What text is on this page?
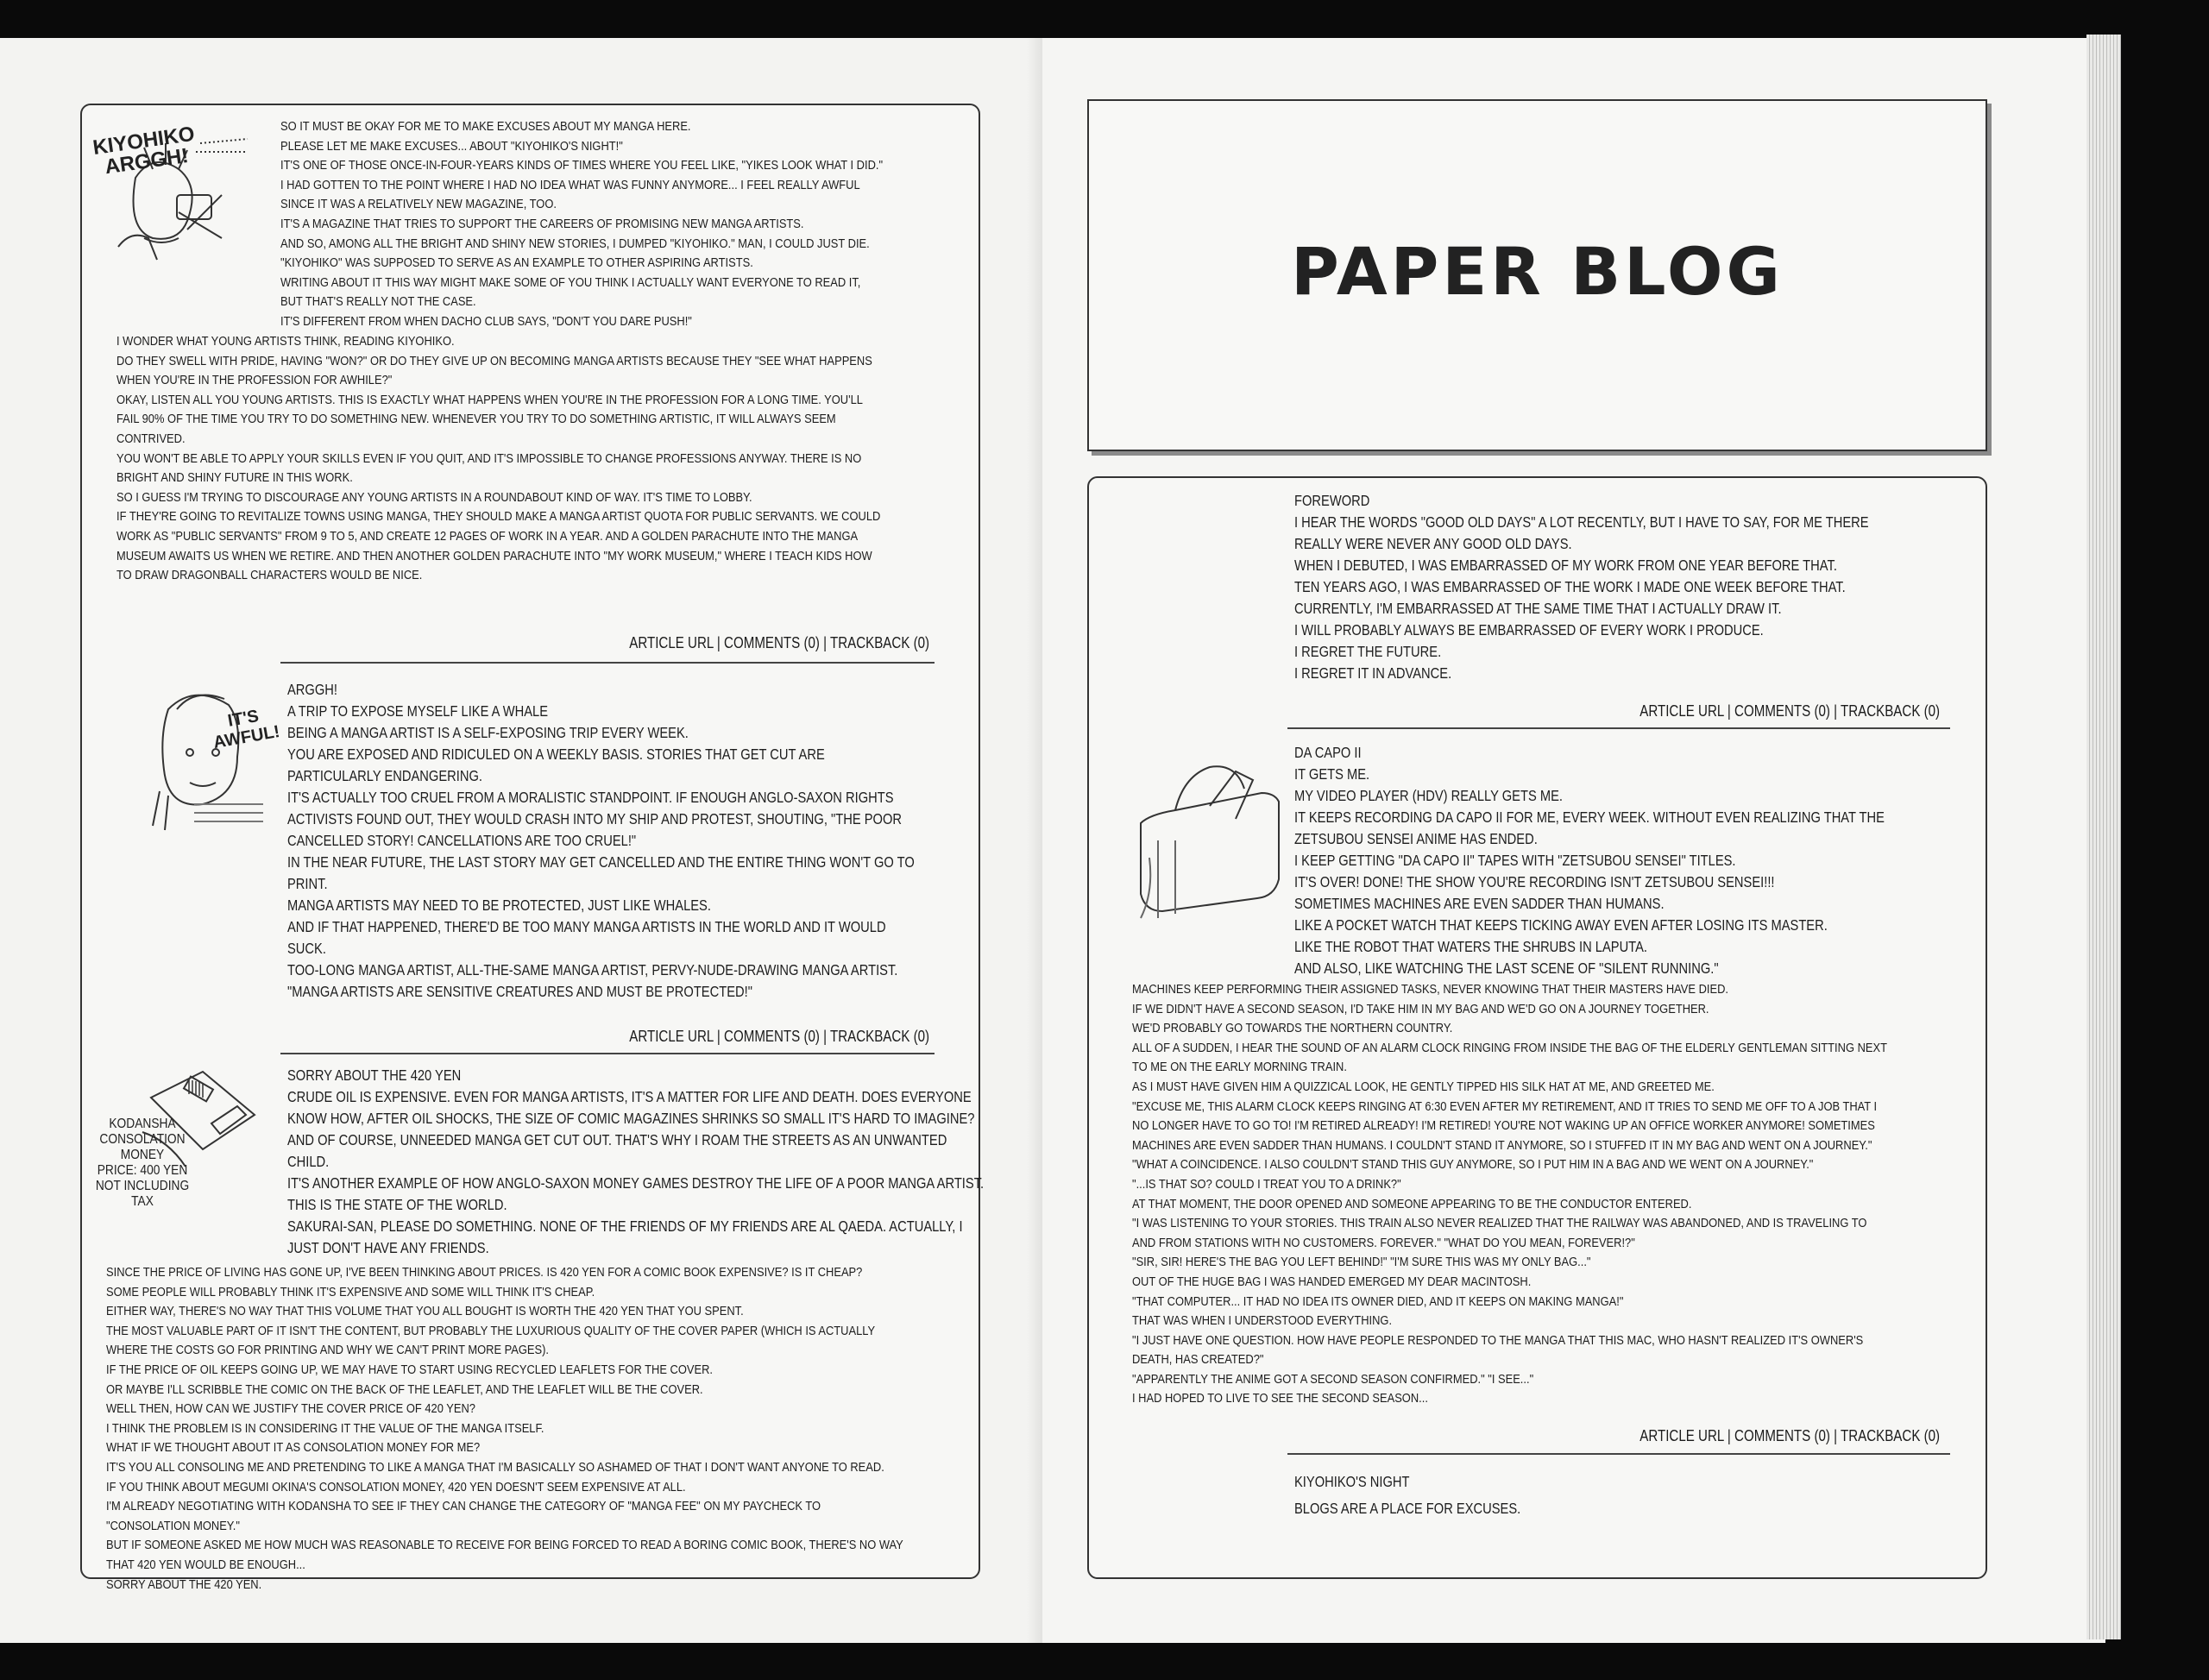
KIYOHIKO ARGGH!
SO IT MUST BE OKAY FOR ME TO MAKE EXCUSES ABOUT MY MANGA HERE.
PLEASE LET ME MAKE EXCUSES... ABOUT "KIYOHIKO'S NIGHT!"
IT'S ONE OF THOSE ONCE-IN-FOUR-YEARS KINDS OF TIMES WHERE YOU FEEL LIKE, "YIKES LOOK WHAT I DID."
I HAD GOTTEN TO THE POINT WHERE I HAD NO IDEA WHAT WAS FUNNY ANYMORE... I FEEL REALLY AWFUL
SINCE IT WAS A RELATIVELY NEW MAGAZINE, TOO.
IT'S A MAGAZINE THAT TRIES TO SUPPORT THE CAREERS OF PROMISING NEW MANGA ARTISTS.
AND SO, AMONG ALL THE BRIGHT AND SHINY NEW STORIES, I DUMPED "KIYOHIKO." MAN, I COULD JUST DIE.
"KIYOHIKO" WAS SUPPOSED TO SERVE AS AN EXAMPLE TO OTHER ASPIRING ARTISTS.
WRITING ABOUT IT THIS WAY MIGHT MAKE SOME OF YOU THINK I ACTUALLY WANT EVERYONE TO READ IT,
BUT THAT'S REALLY NOT THE CASE.
IT'S DIFFERENT FROM WHEN DACHO CLUB SAYS, "DON'T YOU DARE PUSH!"
I WONDER WHAT YOUNG ARTISTS THINK, READING KIYOHIKO.
DO THEY SWELL WITH PRIDE, HAVING "WON?" OR DO THEY GIVE UP ON BECOMING MANGA ARTISTS BECAUSE THEY "SEE WHAT HAPPENS
WHEN YOU'RE IN THE PROFESSION FOR AWHILE?"
OKAY, LISTEN ALL YOU YOUNG ARTISTS. THIS IS EXACTLY WHAT HAPPENS WHEN YOU'RE IN THE PROFESSION FOR A LONG TIME. YOU'LL
FAIL 90% OF THE TIME YOU TRY TO DO SOMETHING NEW. WHENEVER YOU TRY TO DO SOMETHING ARTISTIC, IT WILL ALWAYS SEEM
CONTRIVED.
YOU WON'T BE ABLE TO APPLY YOUR SKILLS EVEN IF YOU QUIT, AND IT'S IMPOSSIBLE TO CHANGE PROFESSIONS ANYWAY. THERE IS NO
BRIGHT AND SHINY FUTURE IN THIS WORK.
SO I GUESS I'M TRYING TO DISCOURAGE ANY YOUNG ARTISTS IN A ROUNDABOUT KIND OF WAY. IT'S TIME TO LOBBY.
IF THEY'RE GOING TO REVITALIZE TOWNS USING MANGA, THEY SHOULD MAKE A MANGA ARTIST QUOTA FOR PUBLIC SERVANTS. WE COULD
WORK AS "PUBLIC SERVANTS" FROM 9 TO 5, AND CREATE 12 PAGES OF WORK IN A YEAR. AND A GOLDEN PARACHUTE INTO THE MANGA
MUSEUM AWAITS US WHEN WE RETIRE. AND THEN ANOTHER GOLDEN PARACHUTE INTO "MY WORK MUSEUM," WHERE I TEACH KIDS HOW
TO DRAW DRAGONBALL CHARACTERS WOULD BE NICE.
ARTICLE URL | COMMENTS (0) | TRACKBACK (0)
IT'S AWFUL!
ARGGH!
A TRIP TO EXPOSE MYSELF LIKE A WHALE
BEING A MANGA ARTIST IS A SELF-EXPOSING TRIP EVERY WEEK.
YOU ARE EXPOSED AND RIDICULED ON A WEEKLY BASIS. STORIES THAT GET CUT ARE
PARTICULARLY ENDANGERING.
IT'S ACTUALLY TOO CRUEL FROM A MORALISTIC STANDPOINT. IF ENOUGH ANGLO-SAXON RIGHTS
ACTIVISTS FOUND OUT, THEY WOULD CRASH INTO MY SHIP AND PROTEST, SHOUTING, "THE POOR
CANCELLED STORY! CANCELLATIONS ARE TOO CRUEL!"
IN THE NEAR FUTURE, THE LAST STORY MAY GET CANCELLED AND THE ENTIRE THING WON'T GO TO
PRINT.
MANGA ARTISTS MAY NEED TO BE PROTECTED, JUST LIKE WHALES.
AND IF THAT HAPPENED, THERE'D BE TOO MANY MANGA ARTISTS IN THE WORLD AND IT WOULD
SUCK.
TOO-LONG MANGA ARTIST, ALL-THE-SAME MANGA ARTIST, PERVY-NUDE-DRAWING MANGA ARTIST.
"MANGA ARTISTS ARE SENSITIVE CREATURES AND MUST BE PROTECTED!"
ARTICLE URL | COMMENTS (0) | TRACKBACK (0)
KODANSHA
CONSOLATION
MONEY
PRICE: 400 YEN
NOT INCLUDING
TAX
SORRY ABOUT THE 420 YEN
CRUDE OIL IS EXPENSIVE. EVEN FOR MANGA ARTISTS, IT'S A MATTER FOR LIFE AND DEATH. DOES EVERYONE
KNOW HOW, AFTER OIL SHOCKS, THE SIZE OF COMIC MAGAZINES SHRINKS SO SMALL IT'S HARD TO IMAGINE?
AND OF COURSE, UNNEEDED MANGA GET CUT OUT. THAT'S WHY I ROAM THE STREETS AS AN UNWANTED
CHILD.
IT'S ANOTHER EXAMPLE OF HOW ANGLO-SAXON MONEY GAMES DESTROY THE LIFE OF A POOR MANGA ARTIST.
THIS IS THE STATE OF THE WORLD.
SAKURAI-SAN, PLEASE DO SOMETHING. NONE OF THE FRIENDS OF MY FRIENDS ARE AL QAEDA. ACTUALLY, I
JUST DON'T HAVE ANY FRIENDS.
SINCE THE PRICE OF LIVING HAS GONE UP, I'VE BEEN THINKING ABOUT PRICES. IS 420 YEN FOR A COMIC BOOK EXPENSIVE? IS IT CHEAP?
SOME PEOPLE WILL PROBABLY THINK IT'S EXPENSIVE AND SOME WILL THINK IT'S CHEAP.
EITHER WAY, THERE'S NO WAY THAT THIS VOLUME THAT YOU ALL BOUGHT IS WORTH THE 420 YEN THAT YOU SPENT.
THE MOST VALUABLE PART OF IT ISN'T THE CONTENT, BUT PROBABLY THE LUXURIOUS QUALITY OF THE COVER PAPER (WHICH IS ACTUALLY
WHERE THE COSTS GO FOR PRINTING AND WHY WE CAN'T PRINT MORE PAGES).
IF THE PRICE OF OIL KEEPS GOING UP, WE MAY HAVE TO START USING RECYCLED LEAFLETS FOR THE COVER.
OR MAYBE I'LL SCRIBBLE THE COMIC ON THE BACK OF THE LEAFLET, AND THE LEAFLET WILL BE THE COVER.
WELL THEN, HOW CAN WE JUSTIFY THE COVER PRICE OF 420 YEN?
I THINK THE PROBLEM IS IN CONSIDERING IT THE VALUE OF THE MANGA ITSELF.
WHAT IF WE THOUGHT ABOUT IT AS CONSOLATION MONEY FOR ME?
IT'S YOU ALL CONSOLING ME AND PRETENDING TO LIKE A MANGA THAT I'M BASICALLY SO ASHAMED OF THAT I DON'T WANT ANYONE TO READ.
IF YOU THINK ABOUT MEGUMI OKINA'S CONSOLATION MONEY, 420 YEN DOESN'T SEEM EXPENSIVE AT ALL.
I'M ALREADY NEGOTIATING WITH KODANSHA TO SEE IF THEY CAN CHANGE THE CATEGORY OF "MANGA FEE" ON MY PAYCHECK TO
"CONSOLATION MONEY."
BUT IF SOMEONE ASKED ME HOW MUCH WAS REASONABLE TO RECEIVE FOR BEING FORCED TO READ A BORING COMIC BOOK, THERE'S NO WAY
THAT 420 YEN WOULD BE ENOUGH...
SORRY ABOUT THE 420 YEN.
PAPER BLOG
FOREWORD
I HEAR THE WORDS "GOOD OLD DAYS" A LOT RECENTLY, BUT I HAVE TO SAY, FOR ME THERE
REALLY WERE NEVER ANY GOOD OLD DAYS.
WHEN I DEBUTED, I WAS EMBARRASSED OF MY WORK FROM ONE YEAR BEFORE THAT.
TEN YEARS AGO, I WAS EMBARRASSED OF THE WORK I MADE ONE WEEK BEFORE THAT.
CURRENTLY, I'M EMBARRASSED AT THE SAME TIME THAT I ACTUALLY DRAW IT.
I WILL PROBABLY ALWAYS BE EMBARRASSED OF EVERY WORK I PRODUCE.
I REGRET THE FUTURE.
I REGRET IT IN ADVANCE.
ARTICLE URL | COMMENTS (0) | TRACKBACK (0)
DA CAPO II
IT GETS ME.
MY VIDEO PLAYER (HDV) REALLY GETS ME.
IT KEEPS RECORDING DA CAPO II FOR ME, EVERY WEEK. WITHOUT EVEN REALIZING THAT THE
ZETSUBOU SENSEI ANIME HAS ENDED.
I KEEP GETTING "DA CAPO II" TAPES WITH "ZETSUBOU SENSEI" TITLES.
IT'S OVER! DONE! THE SHOW YOU'RE RECORDING ISN'T ZETSUBOU SENSEI!!!
SOMETIMES MACHINES ARE EVEN SADDER THAN HUMANS.
LIKE A POCKET WATCH THAT KEEPS TICKING AWAY EVEN AFTER LOSING ITS MASTER.
LIKE THE ROBOT THAT WATERS THE SHRUBS IN LAPUTA.
AND ALSO, LIKE WATCHING THE LAST SCENE OF "SILENT RUNNING."
MACHINES KEEP PERFORMING THEIR ASSIGNED TASKS, NEVER KNOWING THAT THEIR MASTERS HAVE DIED.
IF WE DIDN'T HAVE A SECOND SEASON, I'D TAKE HIM IN MY BAG AND WE'D GO ON A JOURNEY TOGETHER.
WE'D PROBABLY GO TOWARDS THE NORTHERN COUNTRY.
ALL OF A SUDDEN, I HEAR THE SOUND OF AN ALARM CLOCK RINGING FROM INSIDE THE BAG OF THE ELDERLY GENTLEMAN SITTING NEXT
TO ME ON THE EARLY MORNING TRAIN.
AS I MUST HAVE GIVEN HIM A QUIZZICAL LOOK, HE GENTLY TIPPED HIS SILK HAT AT ME, AND GREETED ME.
"EXCUSE ME, THIS ALARM CLOCK KEEPS RINGING AT 6:30 EVEN AFTER MY RETIREMENT, AND IT TRIES TO SEND ME OFF TO A JOB THAT I
NO LONGER HAVE TO GO TO! I'M RETIRED ALREADY! I'M RETIRED! YOU'RE NOT WAKING UP AN OFFICE WORKER ANYMORE! SOMETIMES
MACHINES ARE EVEN SADDER THAN HUMANS. I COULDN'T STAND IT ANYMORE, SO I STUFFED IT IN MY BAG AND WENT ON A JOURNEY."
"WHAT A COINCIDENCE. I ALSO COULDN'T STAND THIS GUY ANYMORE, SO I PUT HIM IN A BAG AND WE WENT ON A JOURNEY."
"...IS THAT SO? COULD I TREAT YOU TO A DRINK?"
AT THAT MOMENT, THE DOOR OPENED AND SOMEONE APPEARING TO BE THE CONDUCTOR ENTERED.
"I WAS LISTENING TO YOUR STORIES. THIS TRAIN ALSO NEVER REALIZED THAT THE RAILWAY WAS ABANDONED, AND IS TRAVELING TO
AND FROM STATIONS WITH NO CUSTOMERS. FOREVER." "WHAT DO YOU MEAN, FOREVER!?"
"SIR, SIR! HERE'S THE BAG YOU LEFT BEHIND!" "I'M SURE THIS WAS MY ONLY BAG..."
OUT OF THE HUGE BAG I WAS HANDED EMERGED MY DEAR MACINTOSH.
"THAT COMPUTER... IT HAD NO IDEA ITS OWNER DIED, AND IT KEEPS ON MAKING MANGA!"
THAT WAS WHEN I UNDERSTOOD EVERYTHING.
"I JUST HAVE ONE QUESTION. HOW HAVE PEOPLE RESPONDED TO THE MANGA THAT THIS MAC, WHO HASN'T REALIZED IT'S OWNER'S
DEATH, HAS CREATED?"
"APPARENTLY THE ANIME GOT A SECOND SEASON CONFIRMED." "I SEE..."
I HAD HOPED TO LIVE TO SEE THE SECOND SEASON...
ARTICLE URL | COMMENTS (0) | TRACKBACK (0)
KIYOHIKO'S NIGHT
BLOGS ARE A PLACE FOR EXCUSES.
